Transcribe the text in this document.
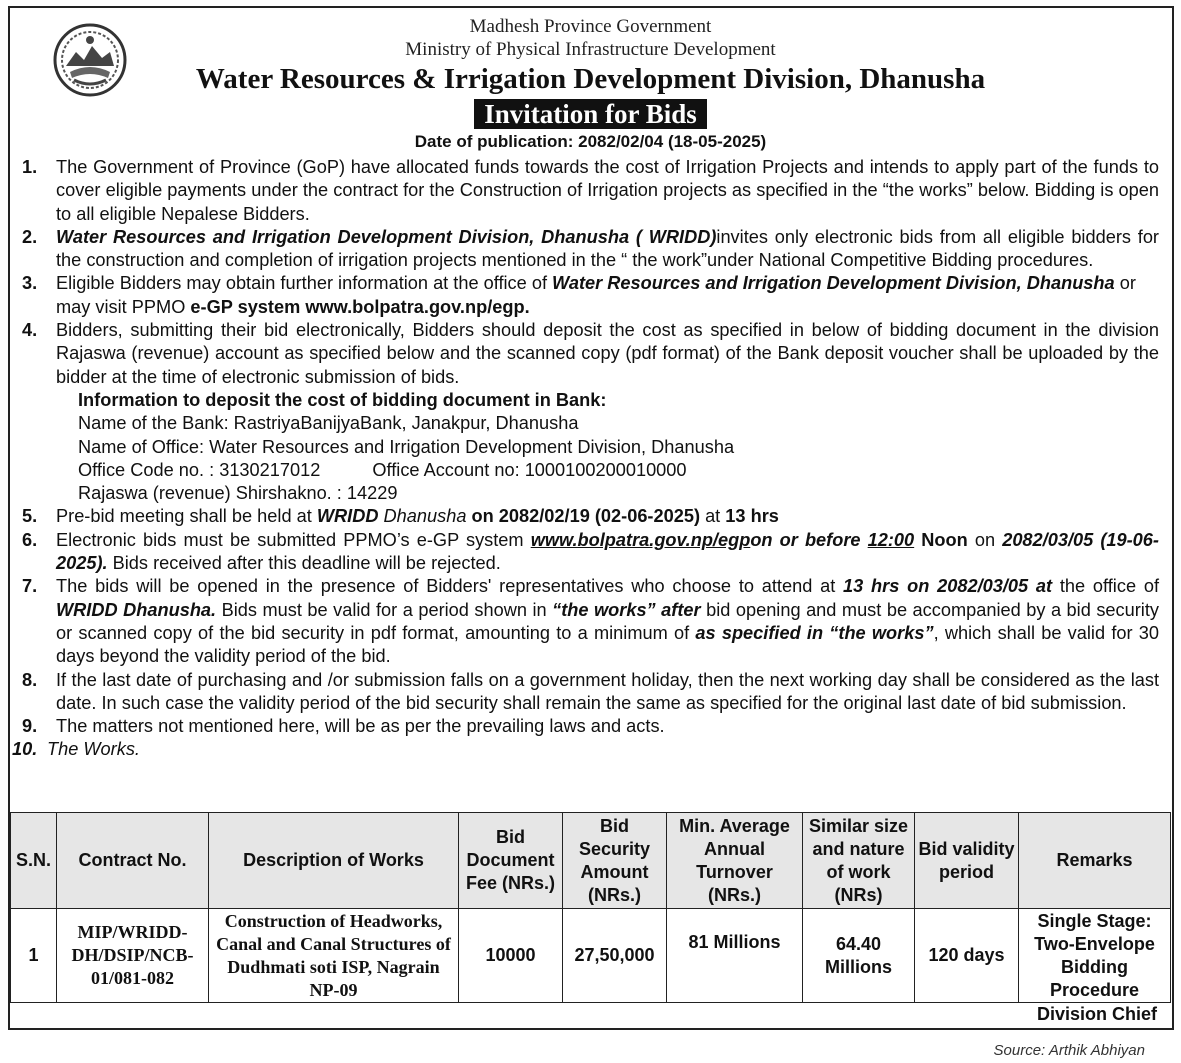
Madhesh Province Government
Ministry of Physical Infrastructure Development
Water Resources & Irrigation Development Division, Dhanusha
Invitation for Bids
Date of publication: 2082/02/04 (18-05-2025)
1. The Government of Province (GoP) have allocated funds towards the cost of Irrigation Projects and intends to apply part of the funds to cover eligible payments under the contract for the Construction of Irrigation projects as specified in the “the works” below. Bidding is open to all eligible Nepalese Bidders.
2. Water Resources and Irrigation Development Division, Dhanusha ( WRIDD)invites only electronic bids from all eligible bidders for the construction and completion of irrigation projects mentioned in the “ the work”under National Competitive Bidding procedures.
3. Eligible Bidders may obtain further information at the office of Water Resources and Irrigation Development Division, Dhanusha or may visit PPMO e-GP system www.bolpatra.gov.np/egp.
4. Bidders, submitting their bid electronically, Bidders should deposit the cost as specified in below of bidding document in the division Rajaswa (revenue) account as specified below and the scanned copy (pdf format) of the Bank deposit voucher shall be uploaded by the bidder at the time of electronic submission of bids.
Information to deposit the cost of bidding document in Bank:
Name of the Bank: RastriyaBanijyaBank, Janakpur, Dhanusha
Name of Office: Water Resources and Irrigation Development Division, Dhanusha
Office Code no. : 3130217012	Office Account no: 1000100200010000
Rajaswa (revenue) Shirshakno. : 14229
5. Pre-bid meeting shall be held at WRIDD Dhanusha on 2082/02/19 (02-06-2025) at 13 hrs
6. Electronic bids must be submitted PPMO’s e-GP system www.bolpatra.gov.np/egpon or before 12:00 Noon on 2082/03/05 (19-06-2025). Bids received after this deadline will be rejected.
7. The bids will be opened in the presence of Bidders' representatives who choose to attend at 13 hrs on 2082/03/05 at the office of WRIDD Dhanusha. Bids must be valid for a period shown in “the works” after bid opening and must be accompanied by a bid security or scanned copy of the bid security in pdf format, amounting to a minimum of as specified in “the works”, which shall be valid for 30 days beyond the validity period of the bid.
8. If the last date of purchasing and /or submission falls on a government holiday, then the next working day shall be considered as the last date. In such case the validity period of the bid security shall remain the same as specified for the original last date of bid submission.
9. The matters not mentioned here, will be as per the prevailing laws and acts.
10. The Works.
S.N.	Contract No.	Description of Works	Bid Document Fee (NRs.)	Bid Security Amount (NRs.)	Min. Average Annual Turnover (NRs.)	Similar size and nature of work (NRs)	Bid validity period	Remarks
1	MIP/WRIDD-DH/DSIP/NCB-01/081-082	Construction of Headworks, Canal and Canal Structures of Dudhmati soti ISP, Nagrain NP-09	10000	27,50,000	81 Millions	64.40 Millions	120 days	Single Stage: Two-Envelope Bidding Procedure
Division Chief
Source: Arthik Abhiyan
